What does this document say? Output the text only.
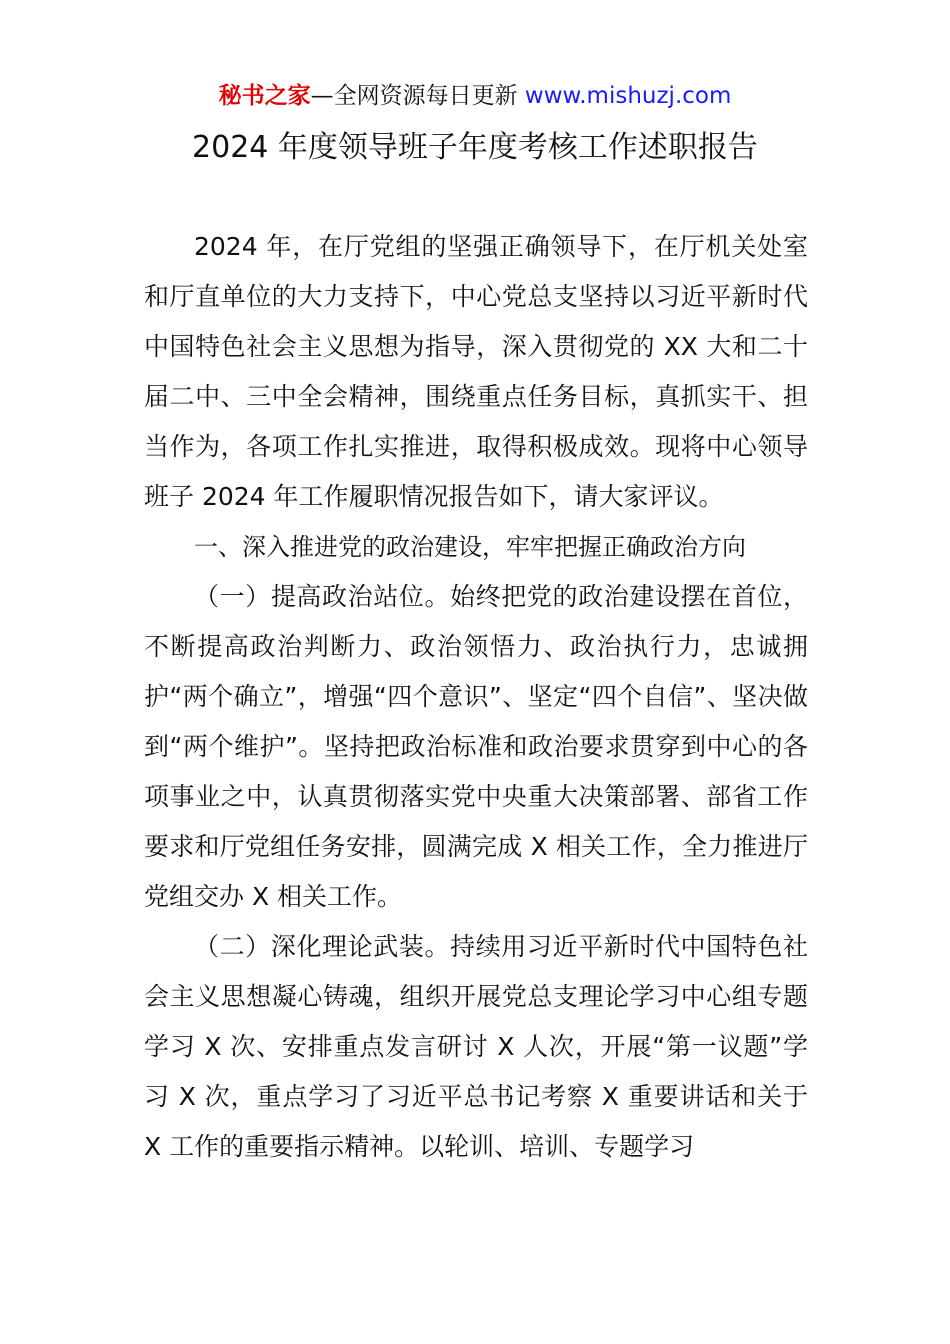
秘书之家—全网资源每日更新 www.mishuzj.com
2024 年度领导班子年度考核工作述职报告

2024 年，在厅党组的坚强正确领导下，在厅机关处室和厅直单位的大力支持下，中心党总支坚持以习近平新时代中国特色社会主义思想为指导，深入贯彻党的 XX 大和二十届二中、三中全会精神，围绕重点任务目标，真抓实干、担当作为，各项工作扎实推进，取得积极成效。现将中心领导班子 2024 年工作履职情况报告如下，请大家评议。

一、深入推进党的政治建设，牢牢把握正确政治方向

（一）提高政治站位。始终把党的政治建设摆在首位，不断提高政治判断力、政治领悟力、政治执行力，忠诚拥护“两个确立”，增强“四个意识”、坚定“四个自信”、坚决做到“两个维护”。坚持把政治标准和政治要求贯穿到中心的各项事业之中，认真贯彻落实党中央重大决策部署、部省工作要求和厅党组任务安排，圆满完成 X 相关工作，全力推进厅党组交办 X 相关工作。

（二）深化理论武装。持续用习近平新时代中国特色社会主义思想凝心铸魂，组织开展党总支理论学习中心组专题学习 X 次、安排重点发言研讨 X 人次，开展“第一议题”学习 X 次，重点学习了习近平总书记考察 X 重要讲话和关于 X 工作的重要指示精神。以轮训、培训、专题学习
